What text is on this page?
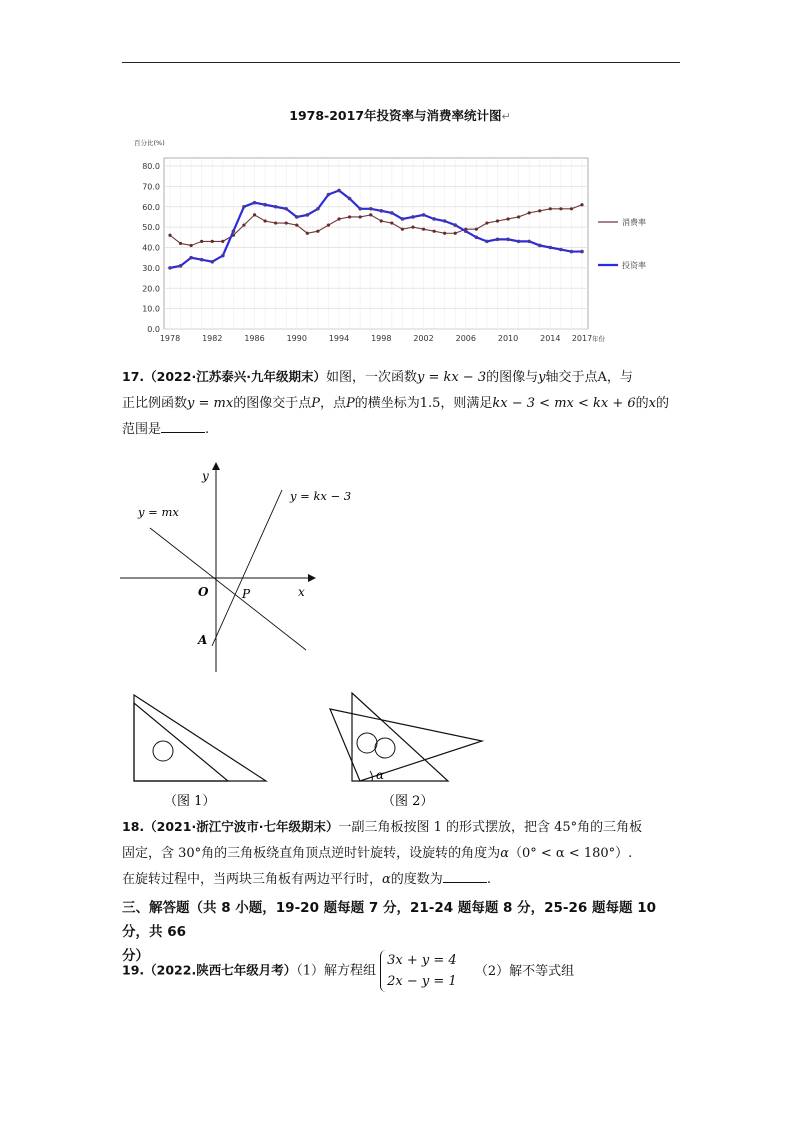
1978-2017年投资率与消费率统计图↵
0.0
10.0
20.0
30.0
40.0
50.0
60.0
70.0
80.0
1978	1982	1986	1990	1994	1998	2002	2006	2010	2014 2017
百分比(%)
年份
消费率
投资率
17.（2022·江苏泰兴·九年级期末）如图，一次函数y = kx − 3的图像与y轴交于点A，与
正比例函数y = mx的图像交于点P，点P的横坐标为1.5，则满足kx − 3 < mx < kx + 6的x的
范围是	.
y
x
O	P
A
y = kx − 3
y = mx
α
（图 1）	（图 2）
18.（2021·浙江宁波市·七年级期末）一副三角板按图 1 的形式摆放，把含 45°角的三角板
固定，含 30°角的三角板绕直角顶点逆时针旋转，设旋转的角度为α（0° < α < 180°）.
在旋转过程中，当两块三角板有两边平行时，α的度数为	.
三、解答题（共 8 小题，19-20 题每题 7 分，21-24 题每题 8 分，25-26 题每题 10 分，共 66
分）
19.（2022.陕西七年级月考）（1）解方程组 3x + y = 4
2x − y = 1 （2）解不等式组
